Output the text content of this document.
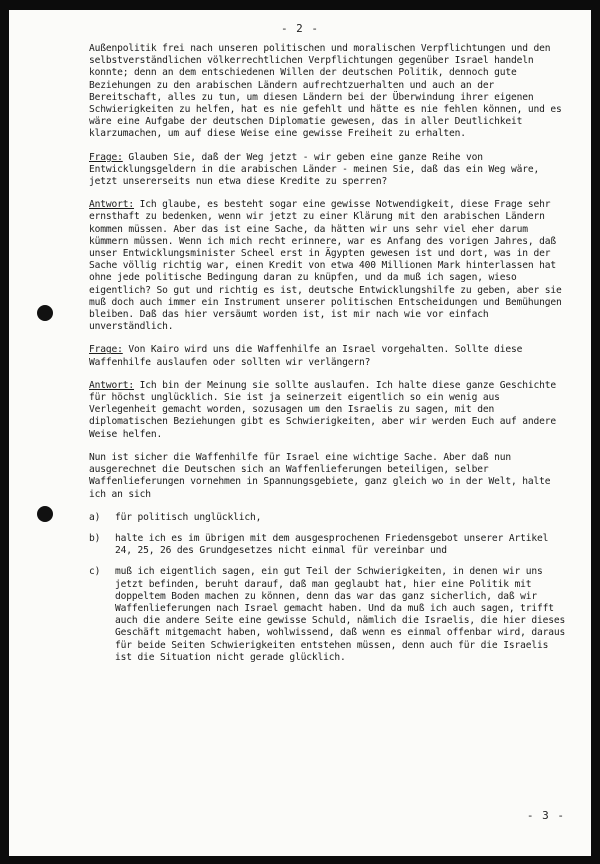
- 2 -

Außenpolitik frei nach unseren politischen und moralischen Verpflichtungen und den selbstverständlichen völkerrechtlichen Verpflichtungen gegenüber Israel handeln konnte; denn an dem entschiedenen Willen der deutschen Politik, dennoch gute Beziehungen zu den arabischen Ländern aufrechtzuerhalten und auch an der Bereitschaft, alles zu tun, um diesen Ländern bei der Überwindung ihrer eigenen Schwierigkeiten zu helfen, hat es nie gefehlt und hätte es nie fehlen können, und es wäre eine Aufgabe der deutschen Diplomatie gewesen, das in aller Deutlichkeit klarzumachen, um auf diese Weise eine gewisse Freiheit zu erhalten.

Frage: Glauben Sie, daß der Weg jetzt - wir geben eine ganze Reihe von Entwicklungsgeldern in die arabischen Länder - meinen Sie, daß das ein Weg wäre, jetzt unsererseits nun etwa diese Kredite zu sperren?

Antwort: Ich glaube, es besteht sogar eine gewisse Notwendigkeit, diese Frage sehr ernsthaft zu bedenken, wenn wir jetzt zu einer Klärung mit den arabischen Ländern kommen müssen. Aber das ist eine Sache, da hätten wir uns sehr viel eher darum kümmern müssen. Wenn ich mich recht erinnere, war es Anfang des vorigen Jahres, daß unser Entwicklungsminister Scheel erst in Ägypten gewesen ist und dort, was in der Sache völlig richtig war, einen Kredit von etwa 400 Millionen Mark hinterlassen hat ohne jede politische Bedingung daran zu knüpfen, und da muß ich sagen, wieso eigentlich? So gut und richtig es ist, deutsche Entwicklungshilfe zu geben, aber sie muß doch auch immer ein Instrument unserer politischen Entscheidungen und Bemühungen bleiben. Daß das hier versäumt worden ist, ist mir nach wie vor einfach unverständlich.

Frage: Von Kairo wird uns die Waffenhilfe an Israel vorgehalten. Sollte diese Waffenhilfe auslaufen oder sollten wir verlängern?

Antwort: Ich bin der Meinung sie sollte auslaufen. Ich halte diese ganze Geschichte für höchst unglücklich. Sie ist ja seinerzeit eigentlich so ein wenig aus Verlegenheit gemacht worden, sozusagen um den Israelis zu sagen, mit den diplomatischen Beziehungen gibt es Schwierigkeiten, aber wir werden Euch auf andere Weise helfen.

Nun ist sicher die Waffenhilfe für Israel eine wichtige Sache. Aber daß nun ausgerechnet die Deutschen sich an Waffenlieferungen beteiligen, selber Waffenlieferungen vornehmen in Spannungsgebiete, ganz gleich wo in der Welt, halte ich an sich

a) für politisch unglücklich,
b) halte ich es im übrigen mit dem ausgesprochenen Friedensgebot unserer Artikel 24, 25, 26 des Grundgesetzes nicht einmal für vereinbar und
c) muß ich eigentlich sagen, ein gut Teil der Schwierigkeiten, in denen wir uns jetzt befinden, beruht darauf, daß man geglaubt hat, hier eine Politik mit doppeltem Boden machen zu können, denn das war das ganz sicherlich, daß wir Waffenlieferungen nach Israel gemacht haben. Und da muß ich auch sagen, trifft auch die andere Seite eine gewisse Schuld, nämlich die Israelis, die hier dieses Geschäft mitgemacht haben, wohlwissend, daß wenn es einmal offenbar wird, daraus für beide Seiten Schwierigkeiten entstehen müssen, denn auch für die Israelis ist die Situation nicht gerade glücklich.
- 3 -
